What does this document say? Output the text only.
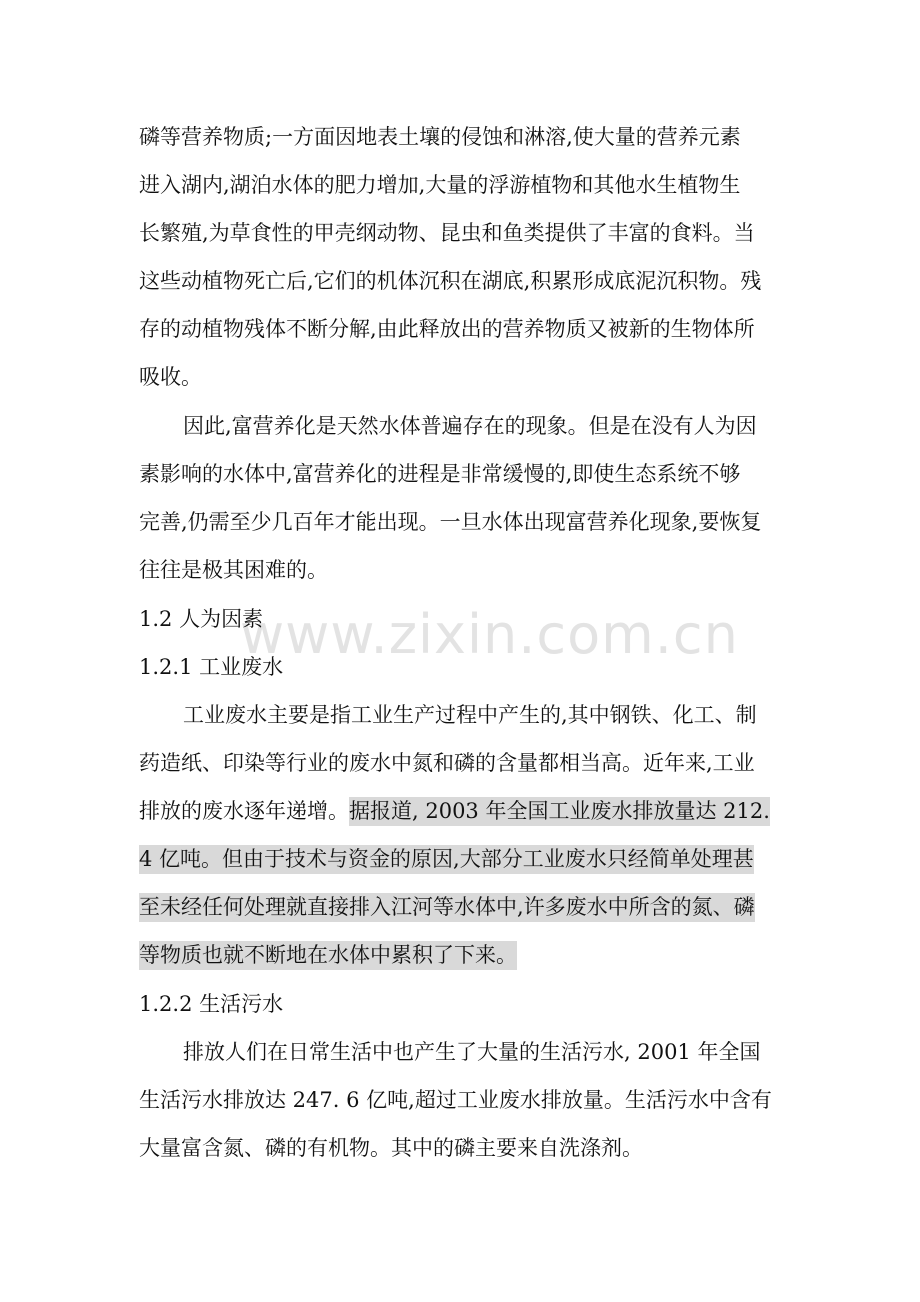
www.zixin.com.cn
磷等营养物质;一方面因地表土壤的侵蚀和淋溶,使大量的营养元素
进入湖内,湖泊水体的肥力增加,大量的浮游植物和其他水生植物生
长繁殖,为草食性的甲壳纲动物、昆虫和鱼类提供了丰富的食料。当
这些动植物死亡后,它们的机体沉积在湖底,积累形成底泥沉积物。残
存的动植物残体不断分解,由此释放出的营养物质又被新的生物体所
吸收。
因此,富营养化是天然水体普遍存在的现象。但是在没有人为因
素影响的水体中,富营养化的进程是非常缓慢的,即使生态系统不够
完善,仍需至少几百年才能出现。一旦水体出现富营养化现象,要恢复
往往是极其困难的。
1.2 人为因素
1.2.1 工业废水
工业废水主要是指工业生产过程中产生的,其中钢铁、化工、制
药造纸、印染等行业的废水中氮和磷的含量都相当高。近年来,工业
排放的废水逐年递增。据报道, 2003 年全国工业废水排放量达 212.
4 亿吨。但由于技术与资金的原因,大部分工业废水只经简单处理甚
至未经任何处理就直接排入江河等水体中,许多废水中所含的氮、磷
等物质也就不断地在水体中累积了下来。
1.2.2 生活污水
排放人们在日常生活中也产生了大量的生活污水, 2001 年全国
生活污水排放达 247. 6 亿吨,超过工业废水排放量。生活污水中含有
大量富含氮、磷的有机物。其中的磷主要来自洗涤剂。
